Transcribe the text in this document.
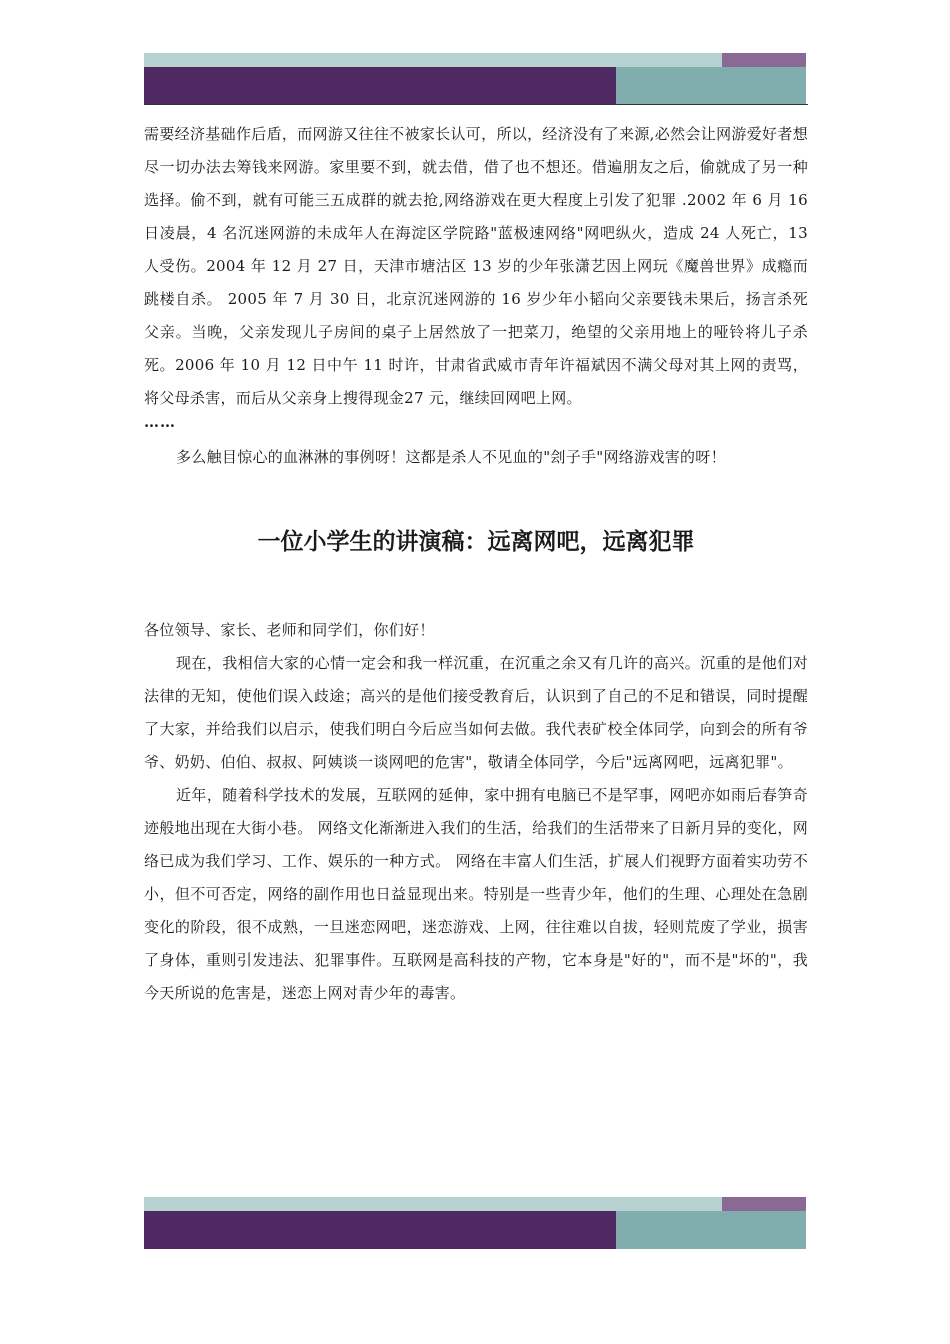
需要经济基础作后盾，而网游又往往不被家长认可，所以，经济没有了来源,必然会让网游爱好者想尽一切办法去筹钱来网游。家里要不到，就去借，借了也不想还。借遍朋友之后，偷就成了另一种选择。偷不到，就有可能三五成群的就去抢,网络游戏在更大程度上引发了犯罪 .2002 年 6 月 16 日凌晨，4 名沉迷网游的未成年人在海淀区学院路"蓝极速网络"网吧纵火，造成 24 人死亡，13 人受伤。2004 年 12 月 27 日，天津市塘沽区 13 岁的少年张潇艺因上网玩《魔兽世界》成瘾而跳楼自杀。 2005 年 7 月 30 日，北京沉迷网游的 16 岁少年小韬向父亲要钱未果后，扬言杀死父亲。当晚，父亲发现儿子房间的桌子上居然放了一把菜刀，绝望的父亲用地上的哑铃将儿子杀死。2006 年 10 月 12 日中午 11 时许，甘肃省武威市青年许福斌因不满父母对其上网的责骂，将父母杀害，而后从父亲身上搜得现金27 元，继续回网吧上网。

……

多么触目惊心的血淋淋的事例呀！这都是杀人不见血的"刽子手"网络游戏害的呀！

一位小学生的讲演稿：远离网吧，远离犯罪

各位领导、家长、老师和同学们，你们好！

现在，我相信大家的心情一定会和我一样沉重，在沉重之余又有几许的高兴。沉重的是他们对法律的无知，使他们误入歧途；高兴的是他们接受教育后，认识到了自己的不足和错误，同时提醒了大家，并给我们以启示，使我们明白今后应当如何去做。我代表矿校全体同学，向到会的所有爷爷、奶奶、伯伯、叔叔、阿姨谈一谈网吧的危害"，敬请全体同学，今后"远离网吧，远离犯罪"。

近年，随着科学技术的发展，互联网的延伸，家中拥有电脑已不是罕事，网吧亦如雨后春笋奇迹般地出现在大街小巷。 网络文化渐渐进入我们的生活，给我们的生活带来了日新月异的变化，网络已成为我们学习、工作、娱乐的一种方式。 网络在丰富人们生活，扩展人们视野方面着实功劳不小，但不可否定，网络的副作用也日益显现出来。特别是一些青少年，他们的生理、心理处在急剧变化的阶段，很不成熟，一旦迷恋网吧，迷恋游戏、上网，往往难以自拔，轻则荒废了学业，损害了身体，重则引发违法、犯罪事件。互联网是高科技的产物，它本身是"好的"，而不是"坏的"，我今天所说的危害是，迷恋上网对青少年的毒害。
